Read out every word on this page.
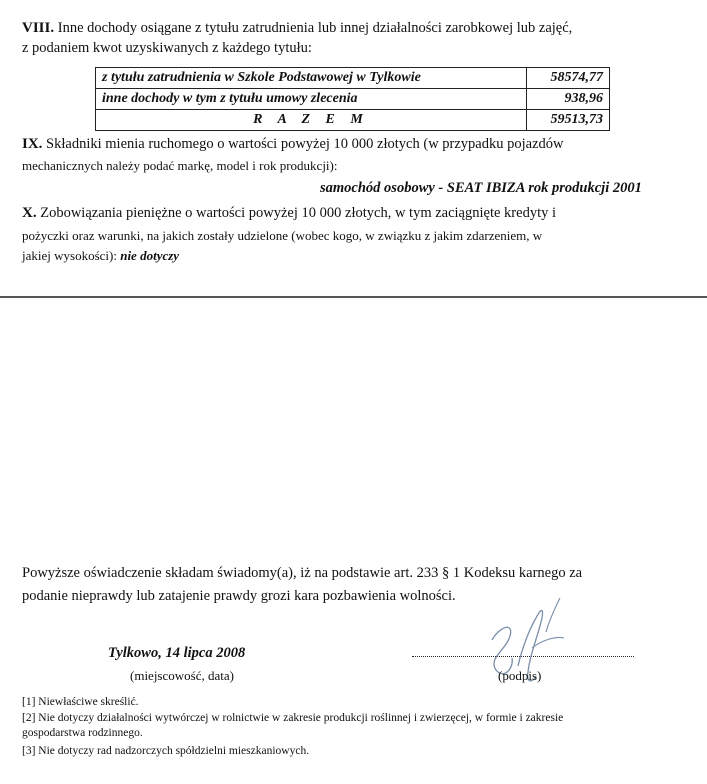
VIII. Inne dochody osiągane z tytułu zatrudnienia lub innej działalności zarobkowej lub zajęć,
z podaniem kwot uzyskiwanych z każdego tytułu:
z tytułu zatrudnienia w Szkole Podstawowej w Tylkowie	58574,77
inne dochody w tym z tytułu umowy zlecenia	938,96
R A Z E M	59513,73
IX. Składniki mienia ruchomego o wartości powyżej 10 000 złotych (w przypadku pojazdów
mechanicznych należy podać markę, model i rok produkcji):
samochód osobowy - SEAT IBIZA rok produkcji 2001
X. Zobowiązania pieniężne o wartości powyżej 10 000 złotych, w tym zaciągnięte kredyty i
pożyczki oraz warunki, na jakich zostały udzielone (wobec kogo, w związku z jakim zdarzeniem, w
jakiej wysokości): nie dotyczy
Powyższe oświadczenie składam świadomy(a), iż na podstawie art. 233 § 1 Kodeksu karnego za
podanie nieprawdy lub zatajenie prawdy grozi kara pozbawienia wolności.
Tylkowo, 14 lipca 2008
(miejscowość, data)	(podpis)
[1] Niewłaściwe skreślić.
[2] Nie dotyczy działalności wytwórczej w rolnictwie w zakresie produkcji roślinnej i zwierzęcej, w formie i zakresie
gospodarstwa rodzinnego.
[3] Nie dotyczy rad nadzorczych spółdzielni mieszkaniowych.
